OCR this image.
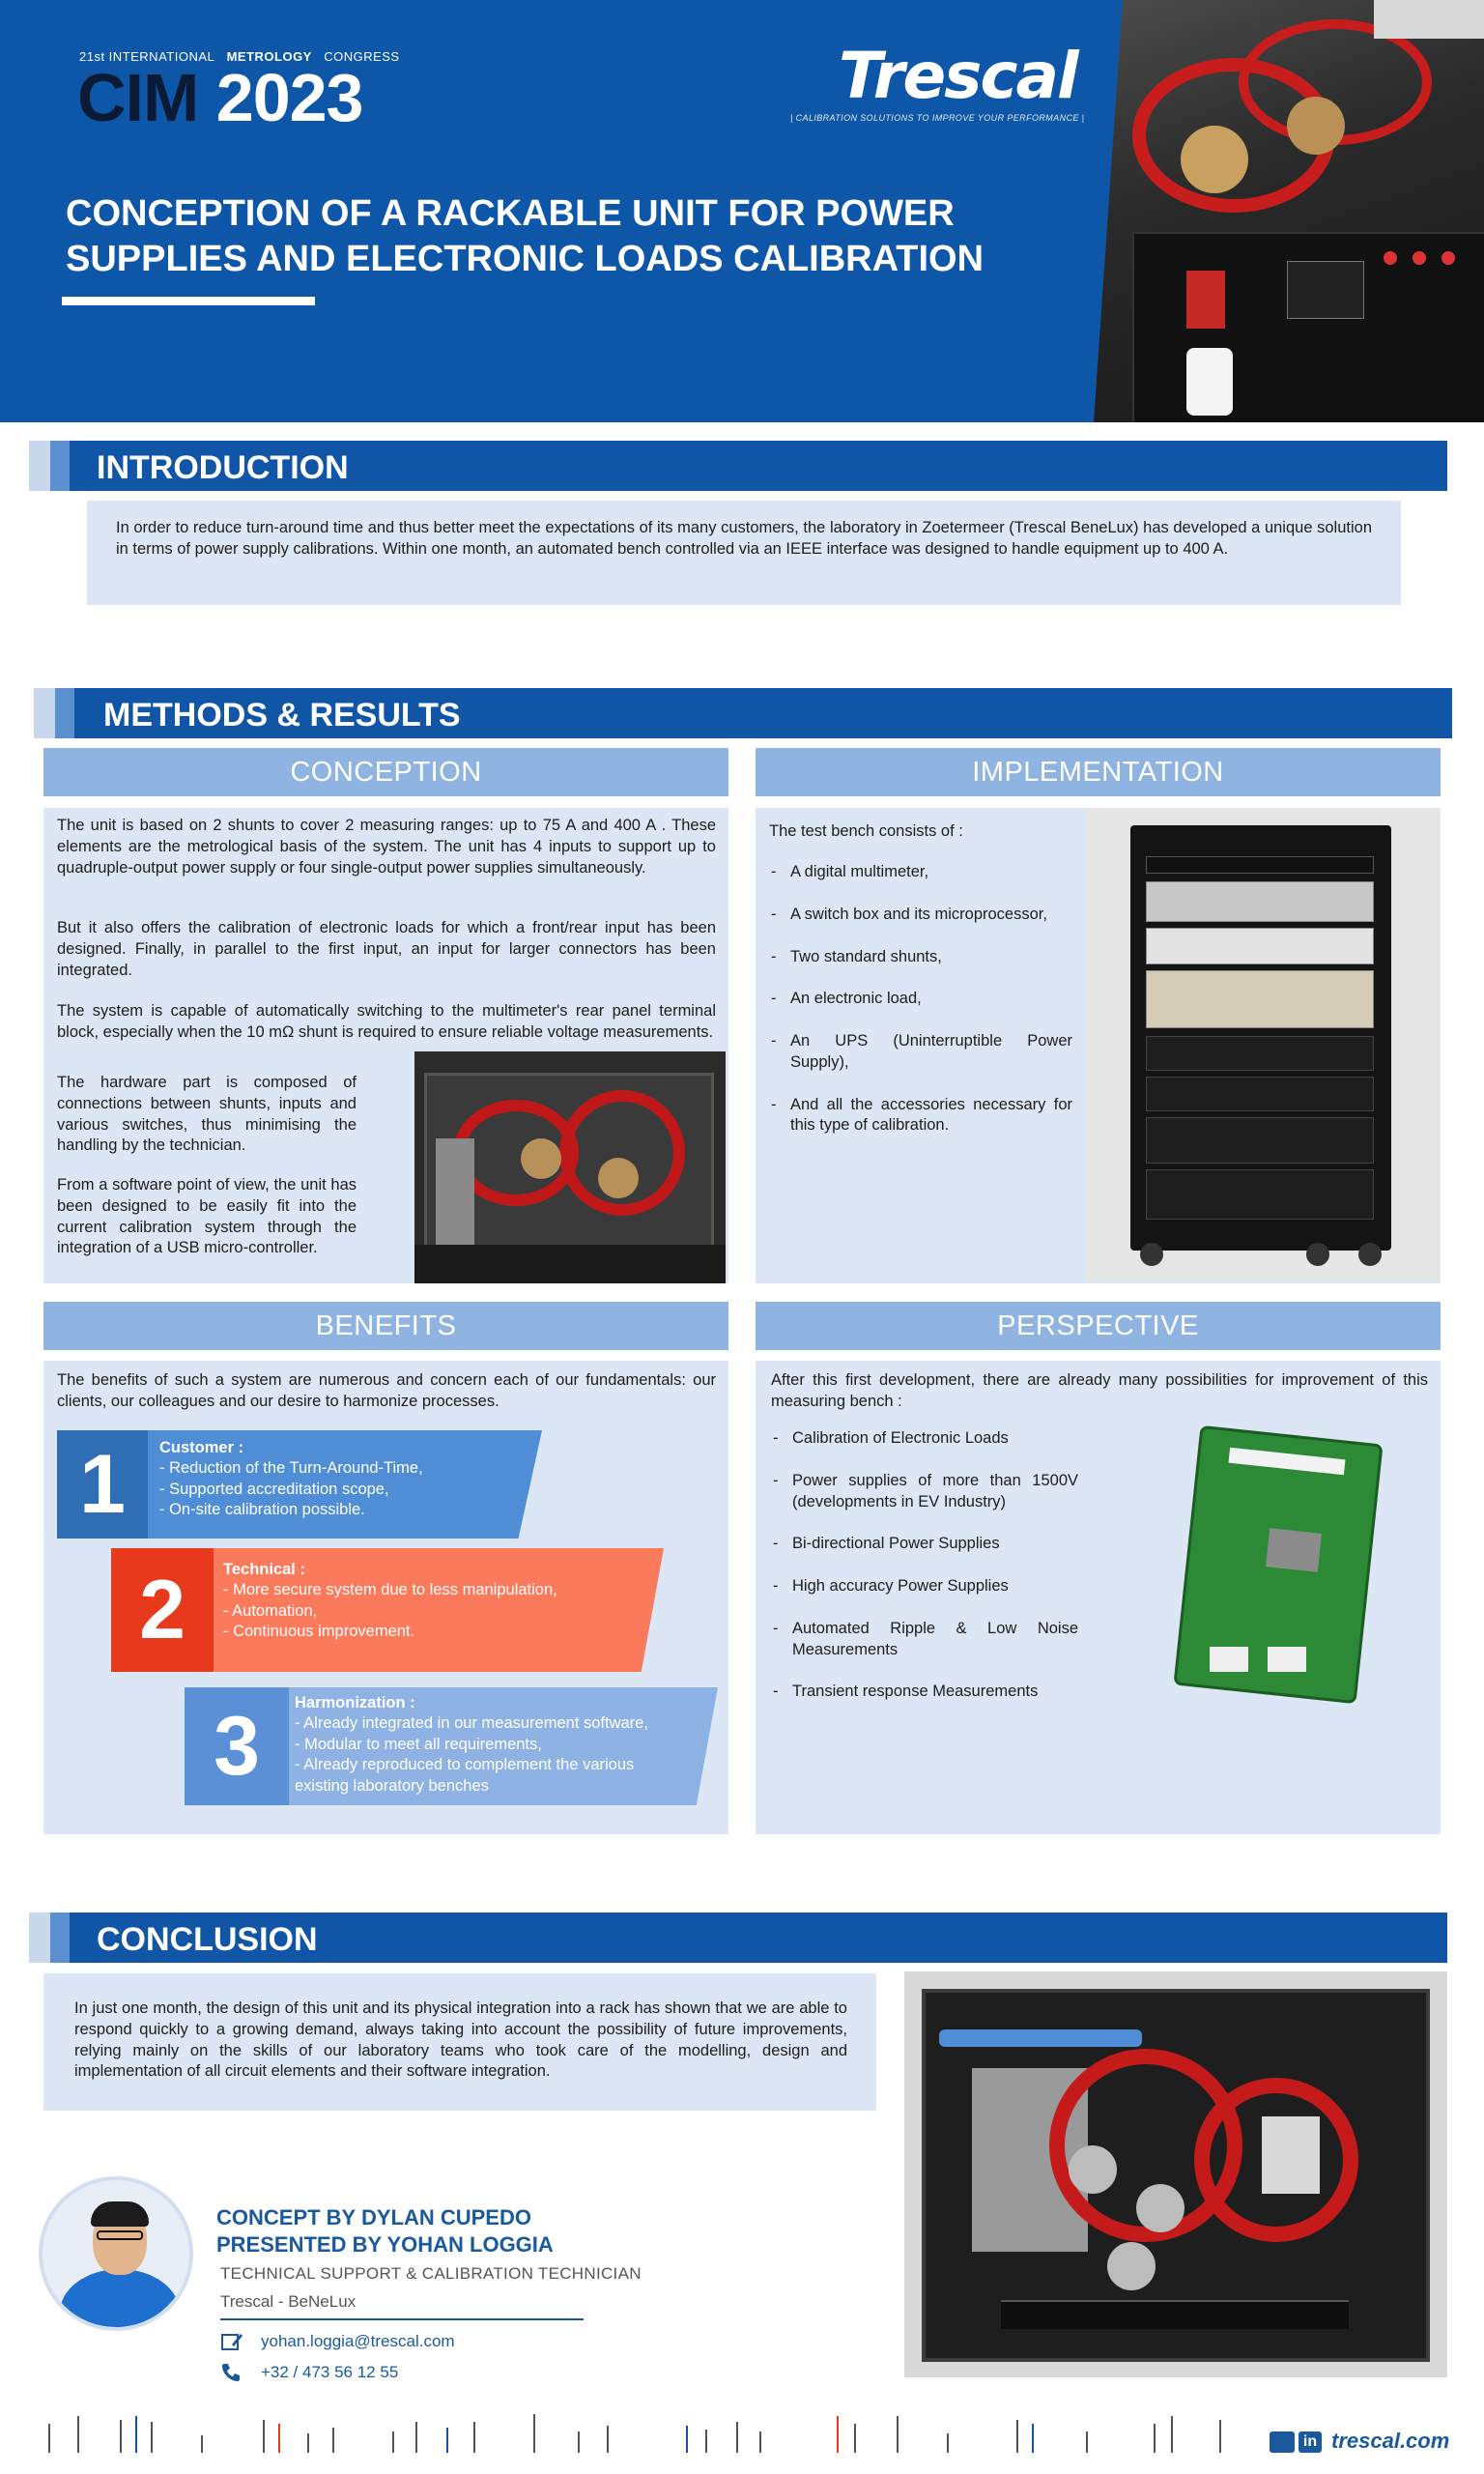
21st INTERNATIONAL METROLOGY CONGRESS
CIM 2023	Trescal
| CALIBRATION SOLUTIONS TO IMPROVE YOUR PERFORMANCE |
CONCEPTION OF A RACKABLE UNIT FOR POWER SUPPLIES AND ELECTRONIC LOADS CALIBRATION
INTRODUCTION

In order to reduce turn-around time and thus better meet the expectations of its many customers, the laboratory in Zoetermeer (Trescal BeneLux) has developed a unique solution in terms of power supply calibrations. Within one month, an automated bench controlled via an IEEE interface was designed to handle equipment up to 400 A.

METHODS & RESULTS
CONCEPTION

The unit is based on 2 shunts to cover 2 measuring ranges: up to 75 A and 400 A . These elements are the metrological basis of the system. The unit has 4 inputs to support up to quadruple-output power supply or four single-output power supplies simultaneously.

But it also offers the calibration of electronic loads for which a front/rear input has been designed. Finally, in parallel to the first input, an input for larger connectors has been integrated.

The system is capable of automatically switching to the multimeter's rear panel terminal block, especially when the 10 mΩ shunt is required to ensure reliable voltage measurements.

The hardware part is composed of connections between shunts, inputs and various switches, thus minimising the handling by the technician.

From a software point of view, the unit has been designed to be easily fit into the current calibration system through the integration of a USB micro-controller.

IMPLEMENTATION

The test bench consists of :

- A digital multimeter,
- A switch box and its microprocessor,
- Two standard shunts,
- An electronic load,
- An UPS (Uninterruptible Power Supply),
- And all the accessories necessary for this type of calibration.
BENEFITS

The benefits of such a system are numerous and concern each of our fundamentals: our clients, our colleagues and our desire to harmonize processes.

1	Customer :
- Reduction of the Turn-Around-Time,
- Supported accreditation scope,
- On-site calibration possible.
2	Technical :
- More secure system due to less manipulation,
- Automation,
- Continuous improvement.
3	Harmonization :
- Already integrated in our measurement software,
- Modular to meet all requirements,
- Already reproduced to complement the various
existing laboratory benches
PERSPECTIVE

After this first development, there are already many possibilities for improvement of this measuring bench :

- Calibration of Electronic Loads
- Power supplies of more than 1500V (developments in EV Industry)
- Bi-directional Power Supplies
- High accuracy Power Supplies
- Automated Ripple & Low Noise Measurements
- Transient response Measurements
CONCLUSION

In just one month, the design of this unit and its physical integration into a rack has shown that we are able to respond quickly to a growing demand, always taking into account the possibility of future improvements, relying mainly on the skills of our laboratory teams who took care of the modelling, design and implementation of all circuit elements and their software integration.

CONCEPT BY DYLAN CUPEDO
PRESENTED BY YOHAN LOGGIA
TECHNICAL SUPPORT & CALIBRATION TECHNICIAN
Trescal - BeNeLux
yohan.loggia@trescal.com
+32 / 473 56 12 55
in trescal.com
